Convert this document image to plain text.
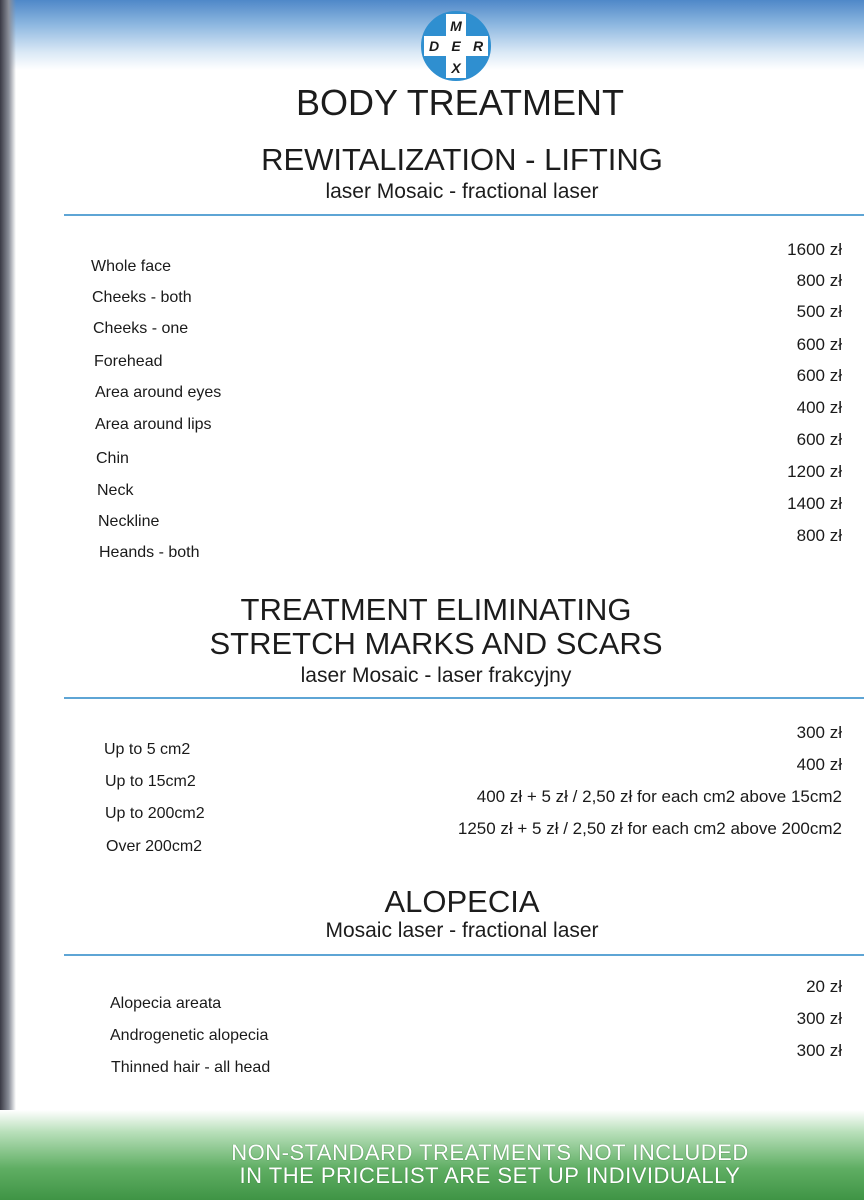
M
D E R
X
BODY TREATMENT
REWITALIZATION - LIFTING
laser Mosaic - fractional laser
Whole face
1600 zł
Cheeks - both
800 zł
Cheeks - one
500 zł
Forehead
600 zł
Area around eyes
600 zł
Area around lips
400 zł
Chin
600 zł
Neck
1200 zł
Neckline
1400 zł
Heands - both
800 zł
TREATMENT ELIMINATING
STRETCH MARKS AND SCARS
laser Mosaic - laser frakcyjny
Up to 5 cm2
300 zł
Up to 15cm2
400 zł
Up to 200cm2
400 zł + 5 zł / 2,50 zł for each cm2 above 15cm2
Over 200cm2
1250 zł + 5 zł / 2,50 zł for each cm2 above 200cm2
ALOPECIA
Mosaic laser - fractional laser
Alopecia areata
20 zł
Androgenetic alopecia
300 zł
Thinned hair - all head
300 zł
NON-STANDARD TREATMENTS NOT INCLUDED
IN THE PRICELIST ARE SET UP INDIVIDUALLY
